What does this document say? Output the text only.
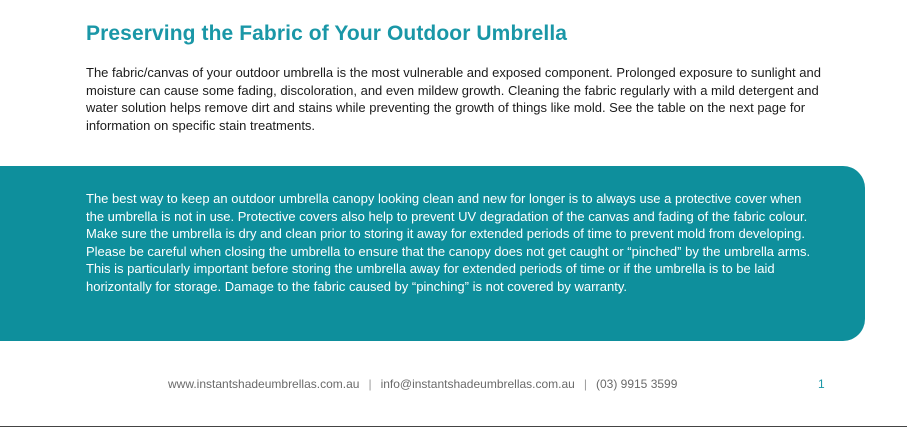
Preserving the Fabric of Your Outdoor Umbrella

The fabric/canvas of your outdoor umbrella is the most vulnerable and exposed component. Prolonged exposure to sunlight and moisture can cause some fading, discoloration, and even mildew growth. Cleaning the fabric regularly with a mild detergent and water solution helps remove dirt and stains while preventing the growth of things like mold. See the table on the next page for information on specific stain treatments.

The best way to keep an outdoor umbrella canopy looking clean and new for longer is to always use a protective cover when the umbrella is not in use. Protective covers also help to prevent UV degradation of the canvas and fading of the fabric colour. Make sure the umbrella is dry and clean prior to storing it away for extended periods of time to prevent mold from developing. Please be careful when closing the umbrella to ensure that the canopy does not get caught or “pinched” by the umbrella arms. This is particularly important before storing the umbrella away for extended periods of time or if the umbrella is to be laid horizontally for storage. Damage to the fabric caused by “pinching” is not covered by warranty.

www.instantshadeumbrellas.com.au | info@instantshadeumbrellas.com.au | (03) 9915 3599	1
